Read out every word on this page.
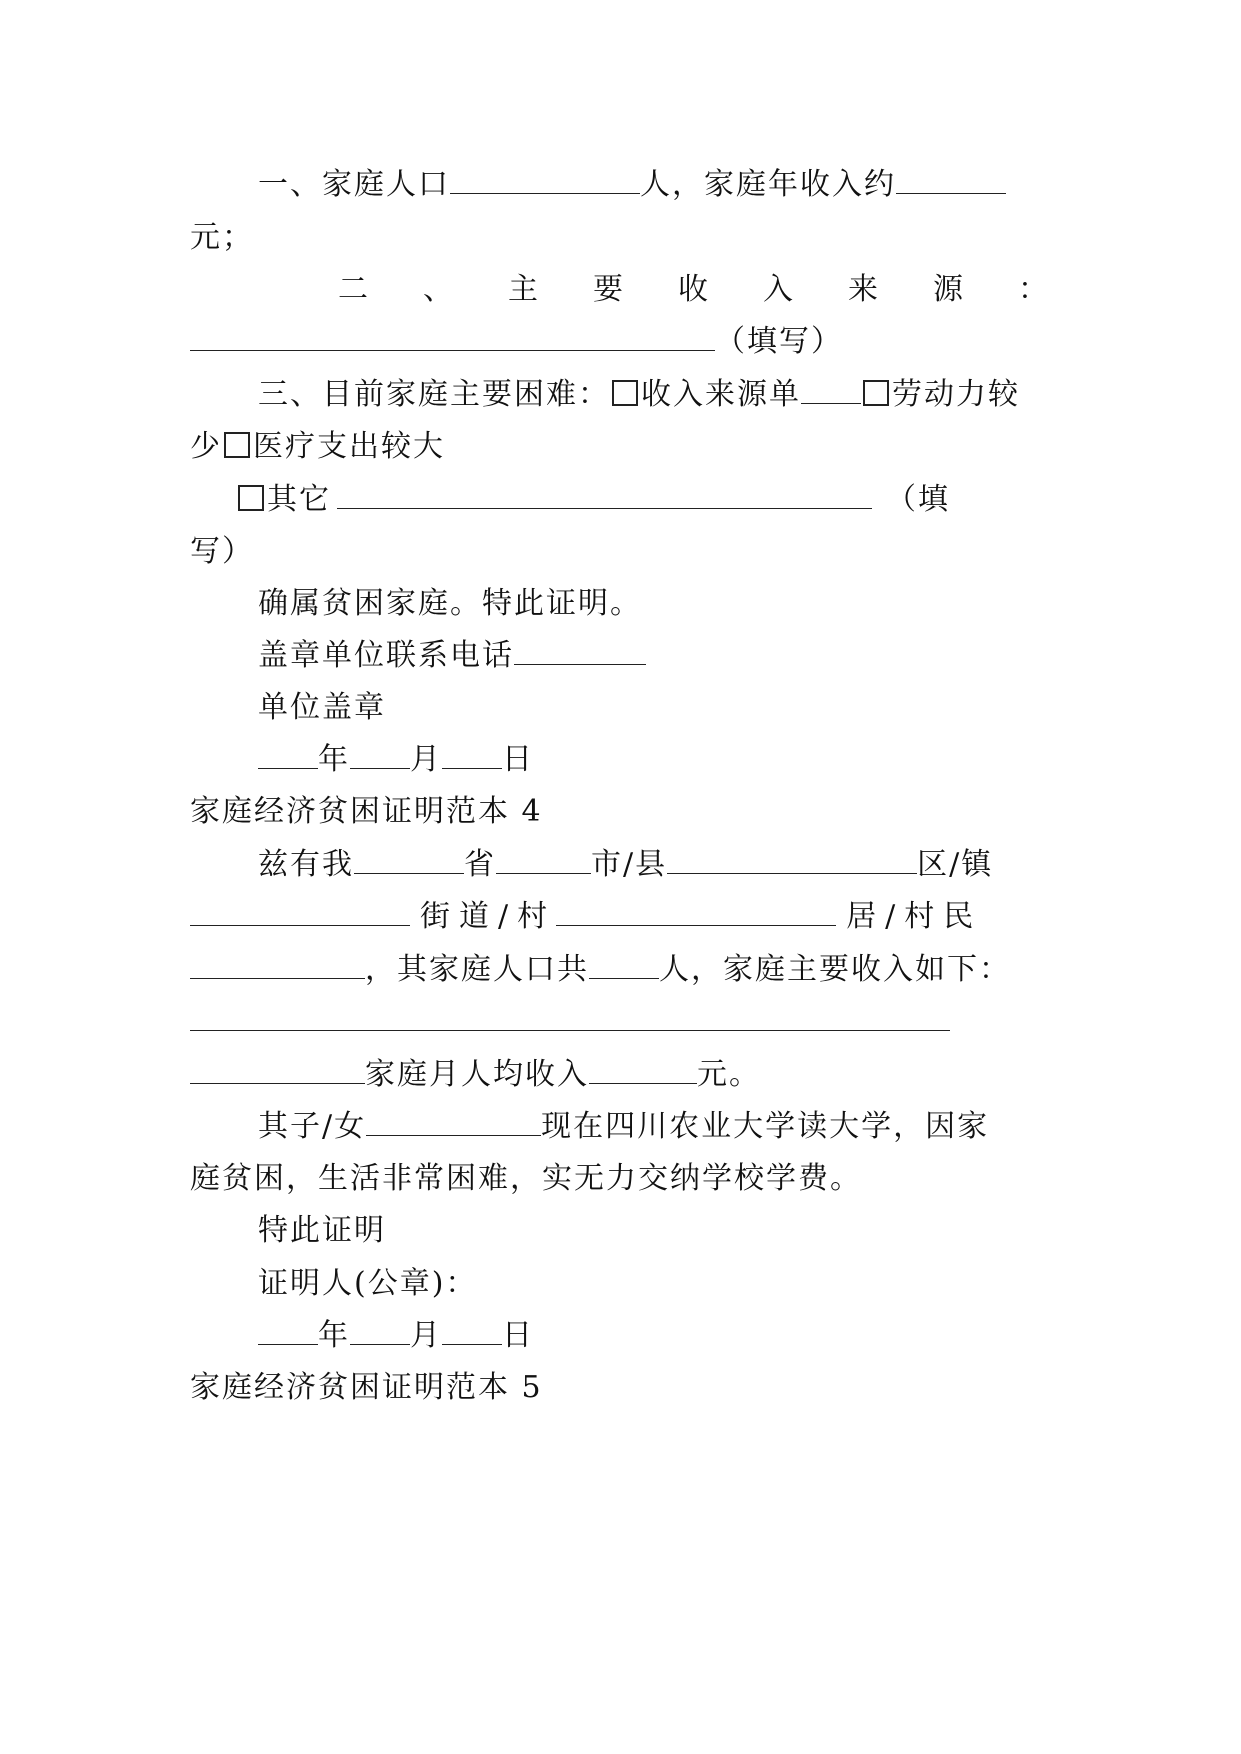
一、家庭人口	人，家庭年收入约
元；
二 、 主 要 收 入 来 源 ：
（填写）
三、目前家庭主要困难： 收入来源单	劳动力较
少 医疗支出较大
其它	（填
写）
确属贫困家庭。特此证明。
盖章单位联系电话
单位盖章
年 月 日
家庭经济贫困证明范本 4
兹有我	省	市/县	区/镇
街道/村	居/村民
，其家庭人口共 人，家庭主要收入如下：
家庭月人均收入	元。
其子/女	现在四川农业大学读大学，因家
庭贫困，生活非常困难，实无力交纳学校学费。
特此证明
证明人(公章)：
年 月 日
家庭经济贫困证明范本 5
